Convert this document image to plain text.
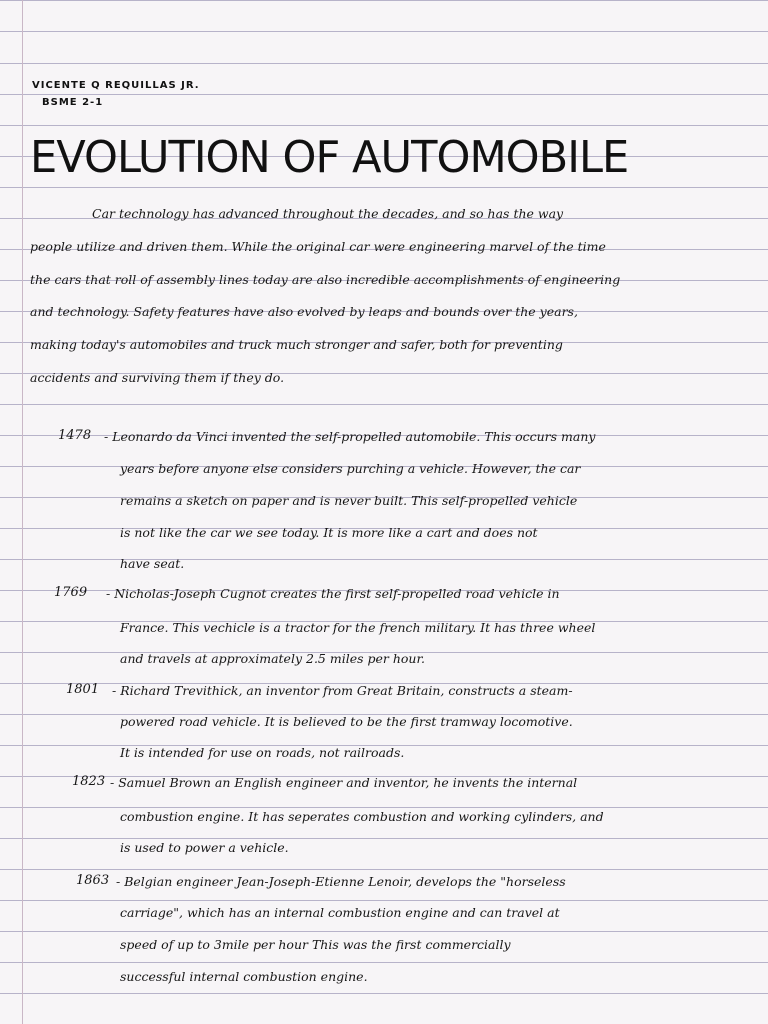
VICENTE Q REQUILLAS JR.
BSME 2-1
EVOLUTION OF AUTOMOBILE
Car technology has advanced throughout the decades, and so has the way
people utilize and driven them. While the original car were engineering marvel of the time
the cars that roll of assembly lines today are also incredible accomplishments of engineering
and technology. Safety features have also evolved by leaps and bounds over the years,
making today's automobiles and truck much stronger and safer, both for preventing
accidents and surviving them if they do.
1478 - Leonardo da Vinci invented the self-propelled automobile. This occurs many
years before anyone else considers purching a vehicle. However, the car
remains a sketch on paper and is never built. This self-propelled vehicle
is not like the car we see today. It is more like a cart and does not
have seat.
1769 - Nicholas-Joseph Cugnot creates the first self-propelled road vehicle in
France. This vechicle is a tractor for the french military. It has three wheel
and travels at approximately 2.5 miles per hour.
1801 - Richard Trevithick, an inventor from Great Britain, constructs a steam-
powered road vehicle. It is believed to be the first tramway locomotive.
It is intended for use on roads, not railroads.
1823 - Samuel Brown an English engineer and inventor, he invents the internal
combustion engine. It has seperates combustion and working cylinders, and
is used to power a vehicle.
1863 - Belgian engineer Jean-Joseph-Etienne Lenoir, develops the "horseless
carriage", which has an internal combustion engine and can travel at
speed of up to 3mile per hour This was the first commercially
successful internal combustion engine.
